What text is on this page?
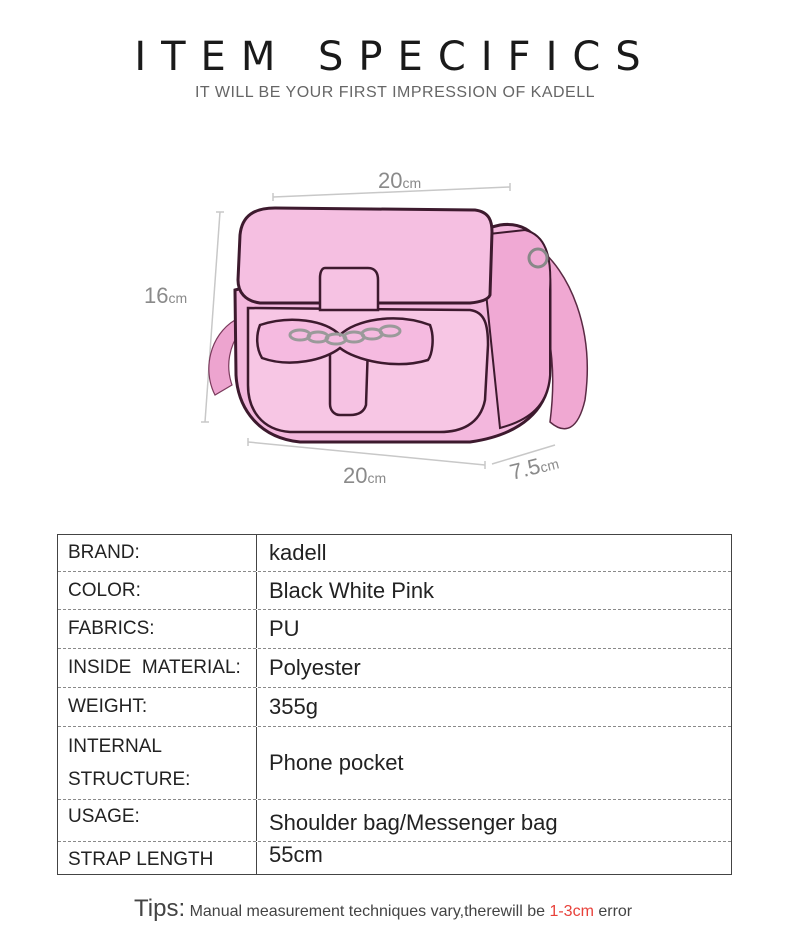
ITEM SPECIFICS
IT WILL BE YOUR FIRST IMPRESSION OF KADELL
20cm
16cm
20cm	7.5cm
BRAND:	kadell
COLOR:	Black White Pink
FABRICS:	PU
INSIDE  MATERIAL:	Polyester
WEIGHT:	355g
INTERNAL
STRUCTURE:
Phone pocket
USAGE:	Shoulder bag/Messenger bag
STRAP LENGTH	55cm
Tips: Manual measurement techniques vary,therewill be 1-3cm error
